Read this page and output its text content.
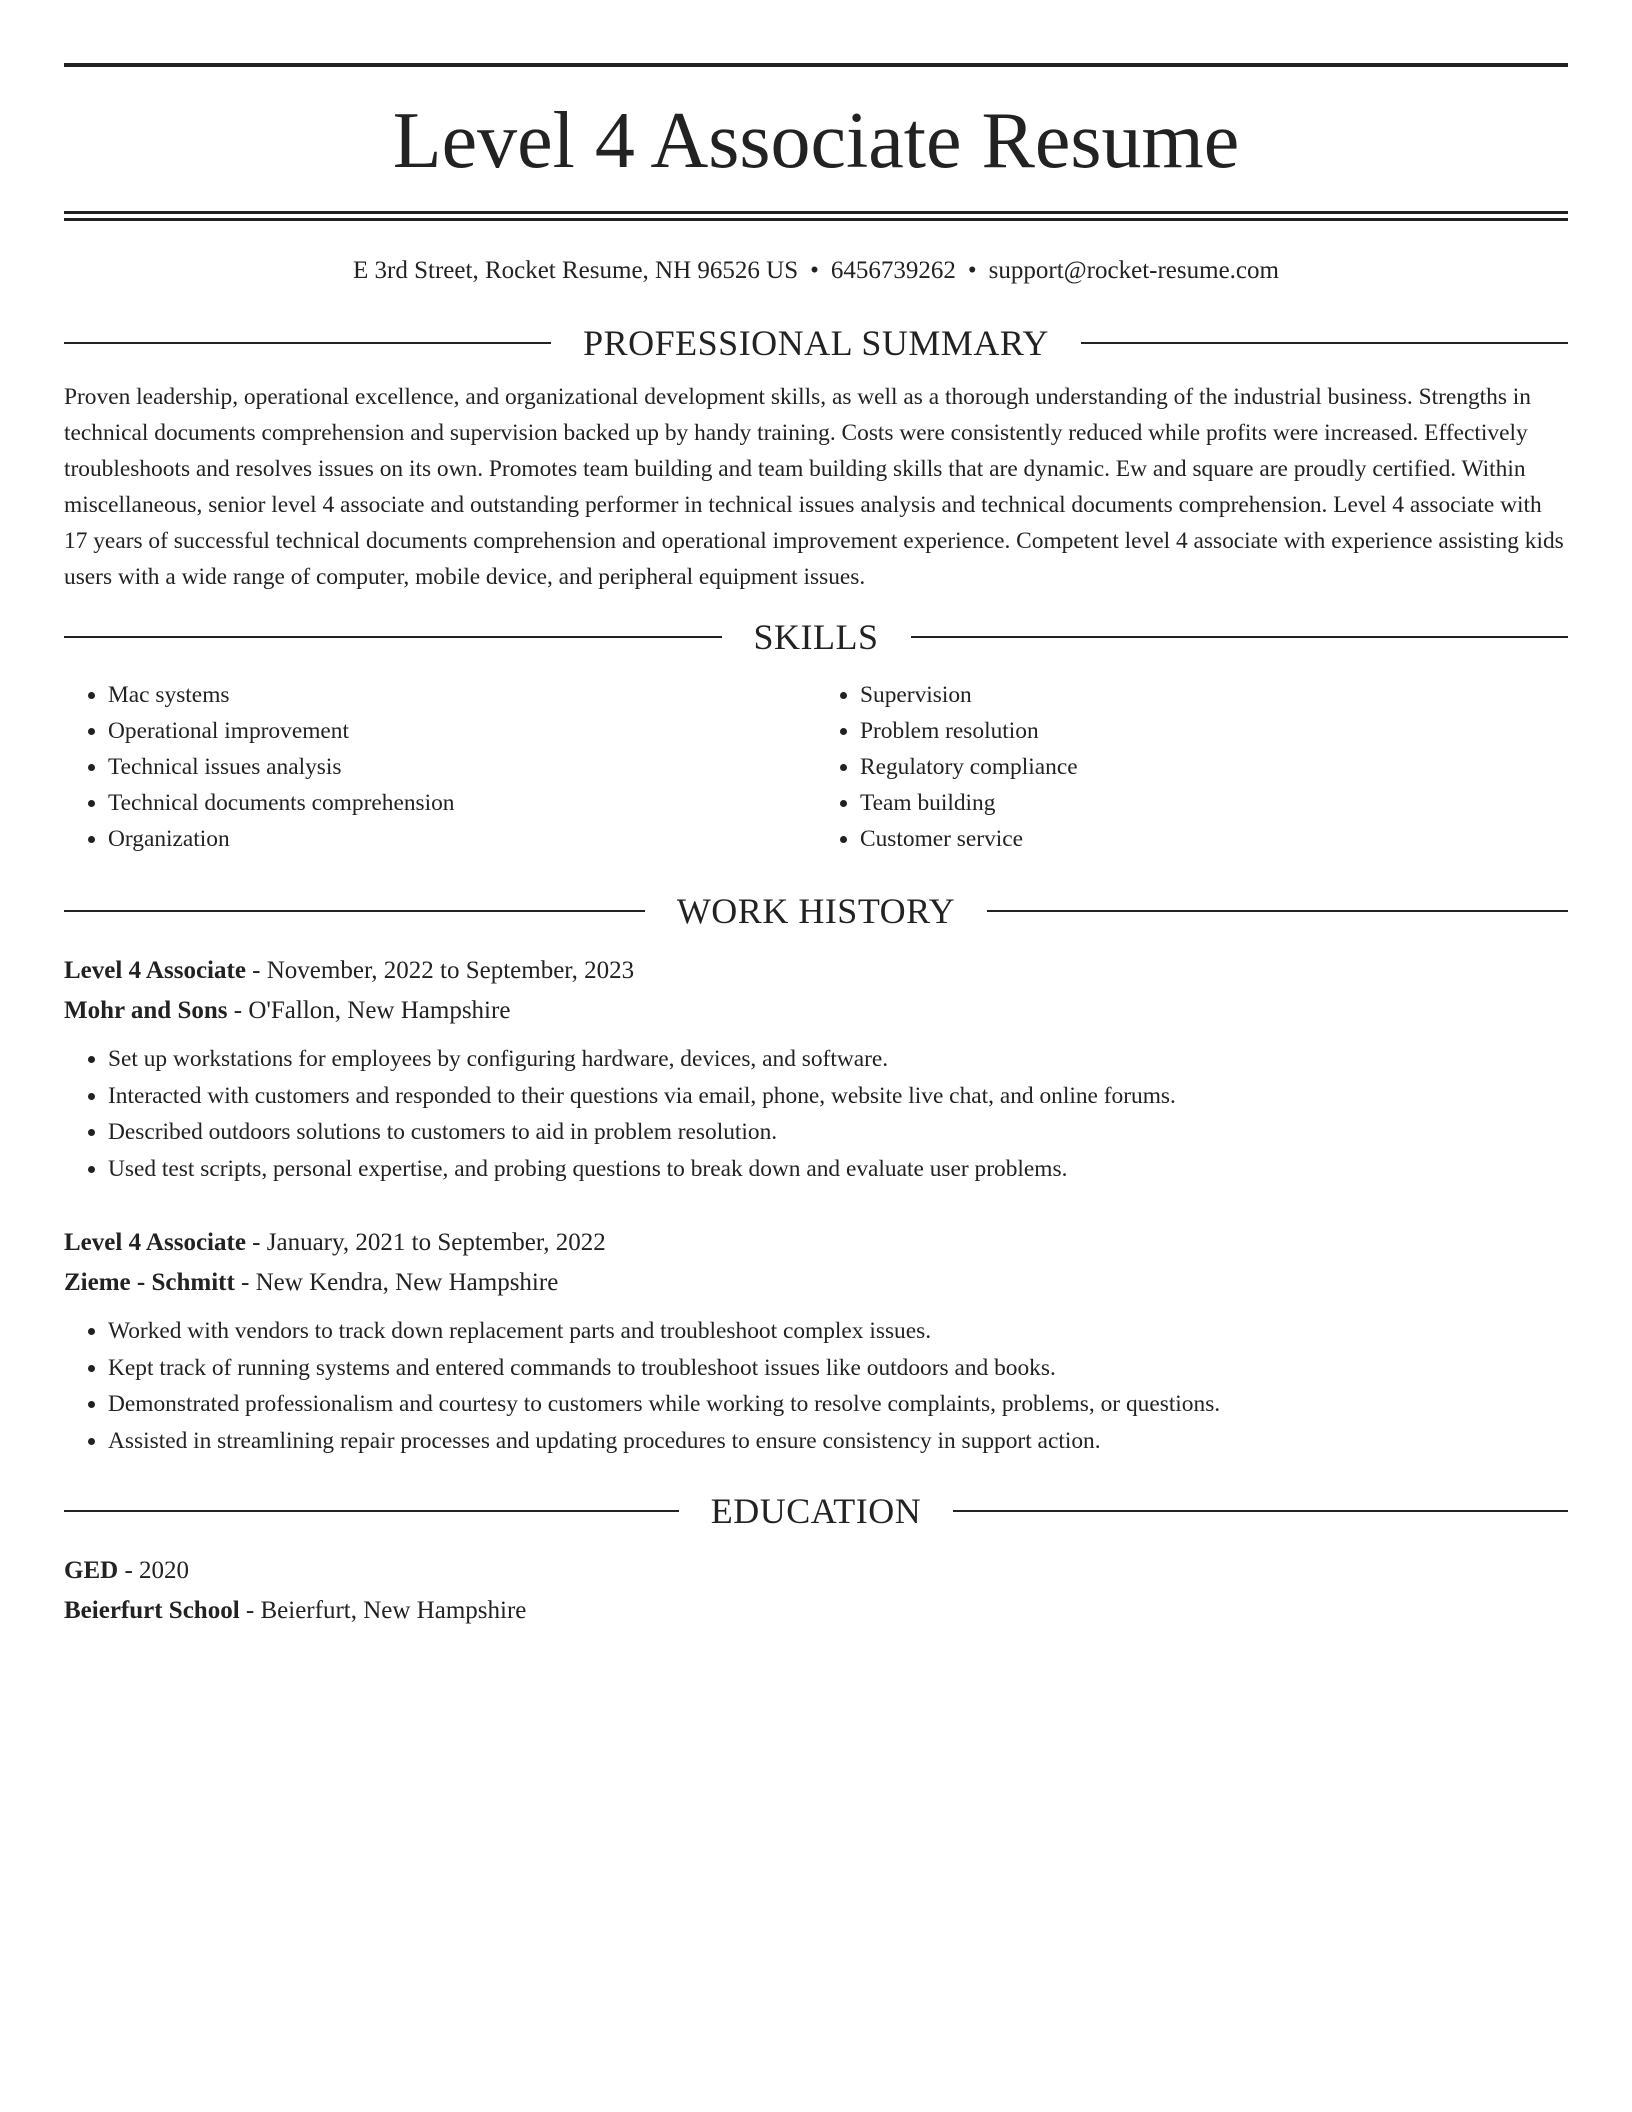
Level 4 Associate Resume
E 3rd Street, Rocket Resume, NH 96526 US • 6456739262 • support@rocket-resume.com
PROFESSIONAL SUMMARY

Proven leadership, operational excellence, and organizational development skills, as well as a thorough understanding of the industrial business. Strengths in technical documents comprehension and supervision backed up by handy training. Costs were consistently reduced while profits were increased. Effectively troubleshoots and resolves issues on its own. Promotes team building and team building skills that are dynamic. Ew and square are proudly certified. Within miscellaneous, senior level 4 associate and outstanding performer in technical issues analysis and technical documents comprehension. Level 4 associate with 17 years of successful technical documents comprehension and operational improvement experience. Competent level 4 associate with experience assisting kids users with a wide range of computer, mobile device, and peripheral equipment issues.

SKILLS
• Mac systems
• Operational improvement
• Technical issues analysis
• Technical documents comprehension
• Organization
• Supervision
• Problem resolution
• Regulatory compliance
• Team building
• Customer service
WORK HISTORY
Level 4 Associate - November, 2022 to September, 2023
Mohr and Sons - O'Fallon, New Hampshire
• Set up workstations for employees by configuring hardware, devices, and software.
• Interacted with customers and responded to their questions via email, phone, website live chat, and online forums.
• Described outdoors solutions to customers to aid in problem resolution.
• Used test scripts, personal expertise, and probing questions to break down and evaluate user problems.
Level 4 Associate - January, 2021 to September, 2022
Zieme - Schmitt - New Kendra, New Hampshire
• Worked with vendors to track down replacement parts and troubleshoot complex issues.
• Kept track of running systems and entered commands to troubleshoot issues like outdoors and books.
• Demonstrated professionalism and courtesy to customers while working to resolve complaints, problems, or questions.
• Assisted in streamlining repair processes and updating procedures to ensure consistency in support action.
EDUCATION
GED - 2020
Beierfurt School - Beierfurt, New Hampshire
